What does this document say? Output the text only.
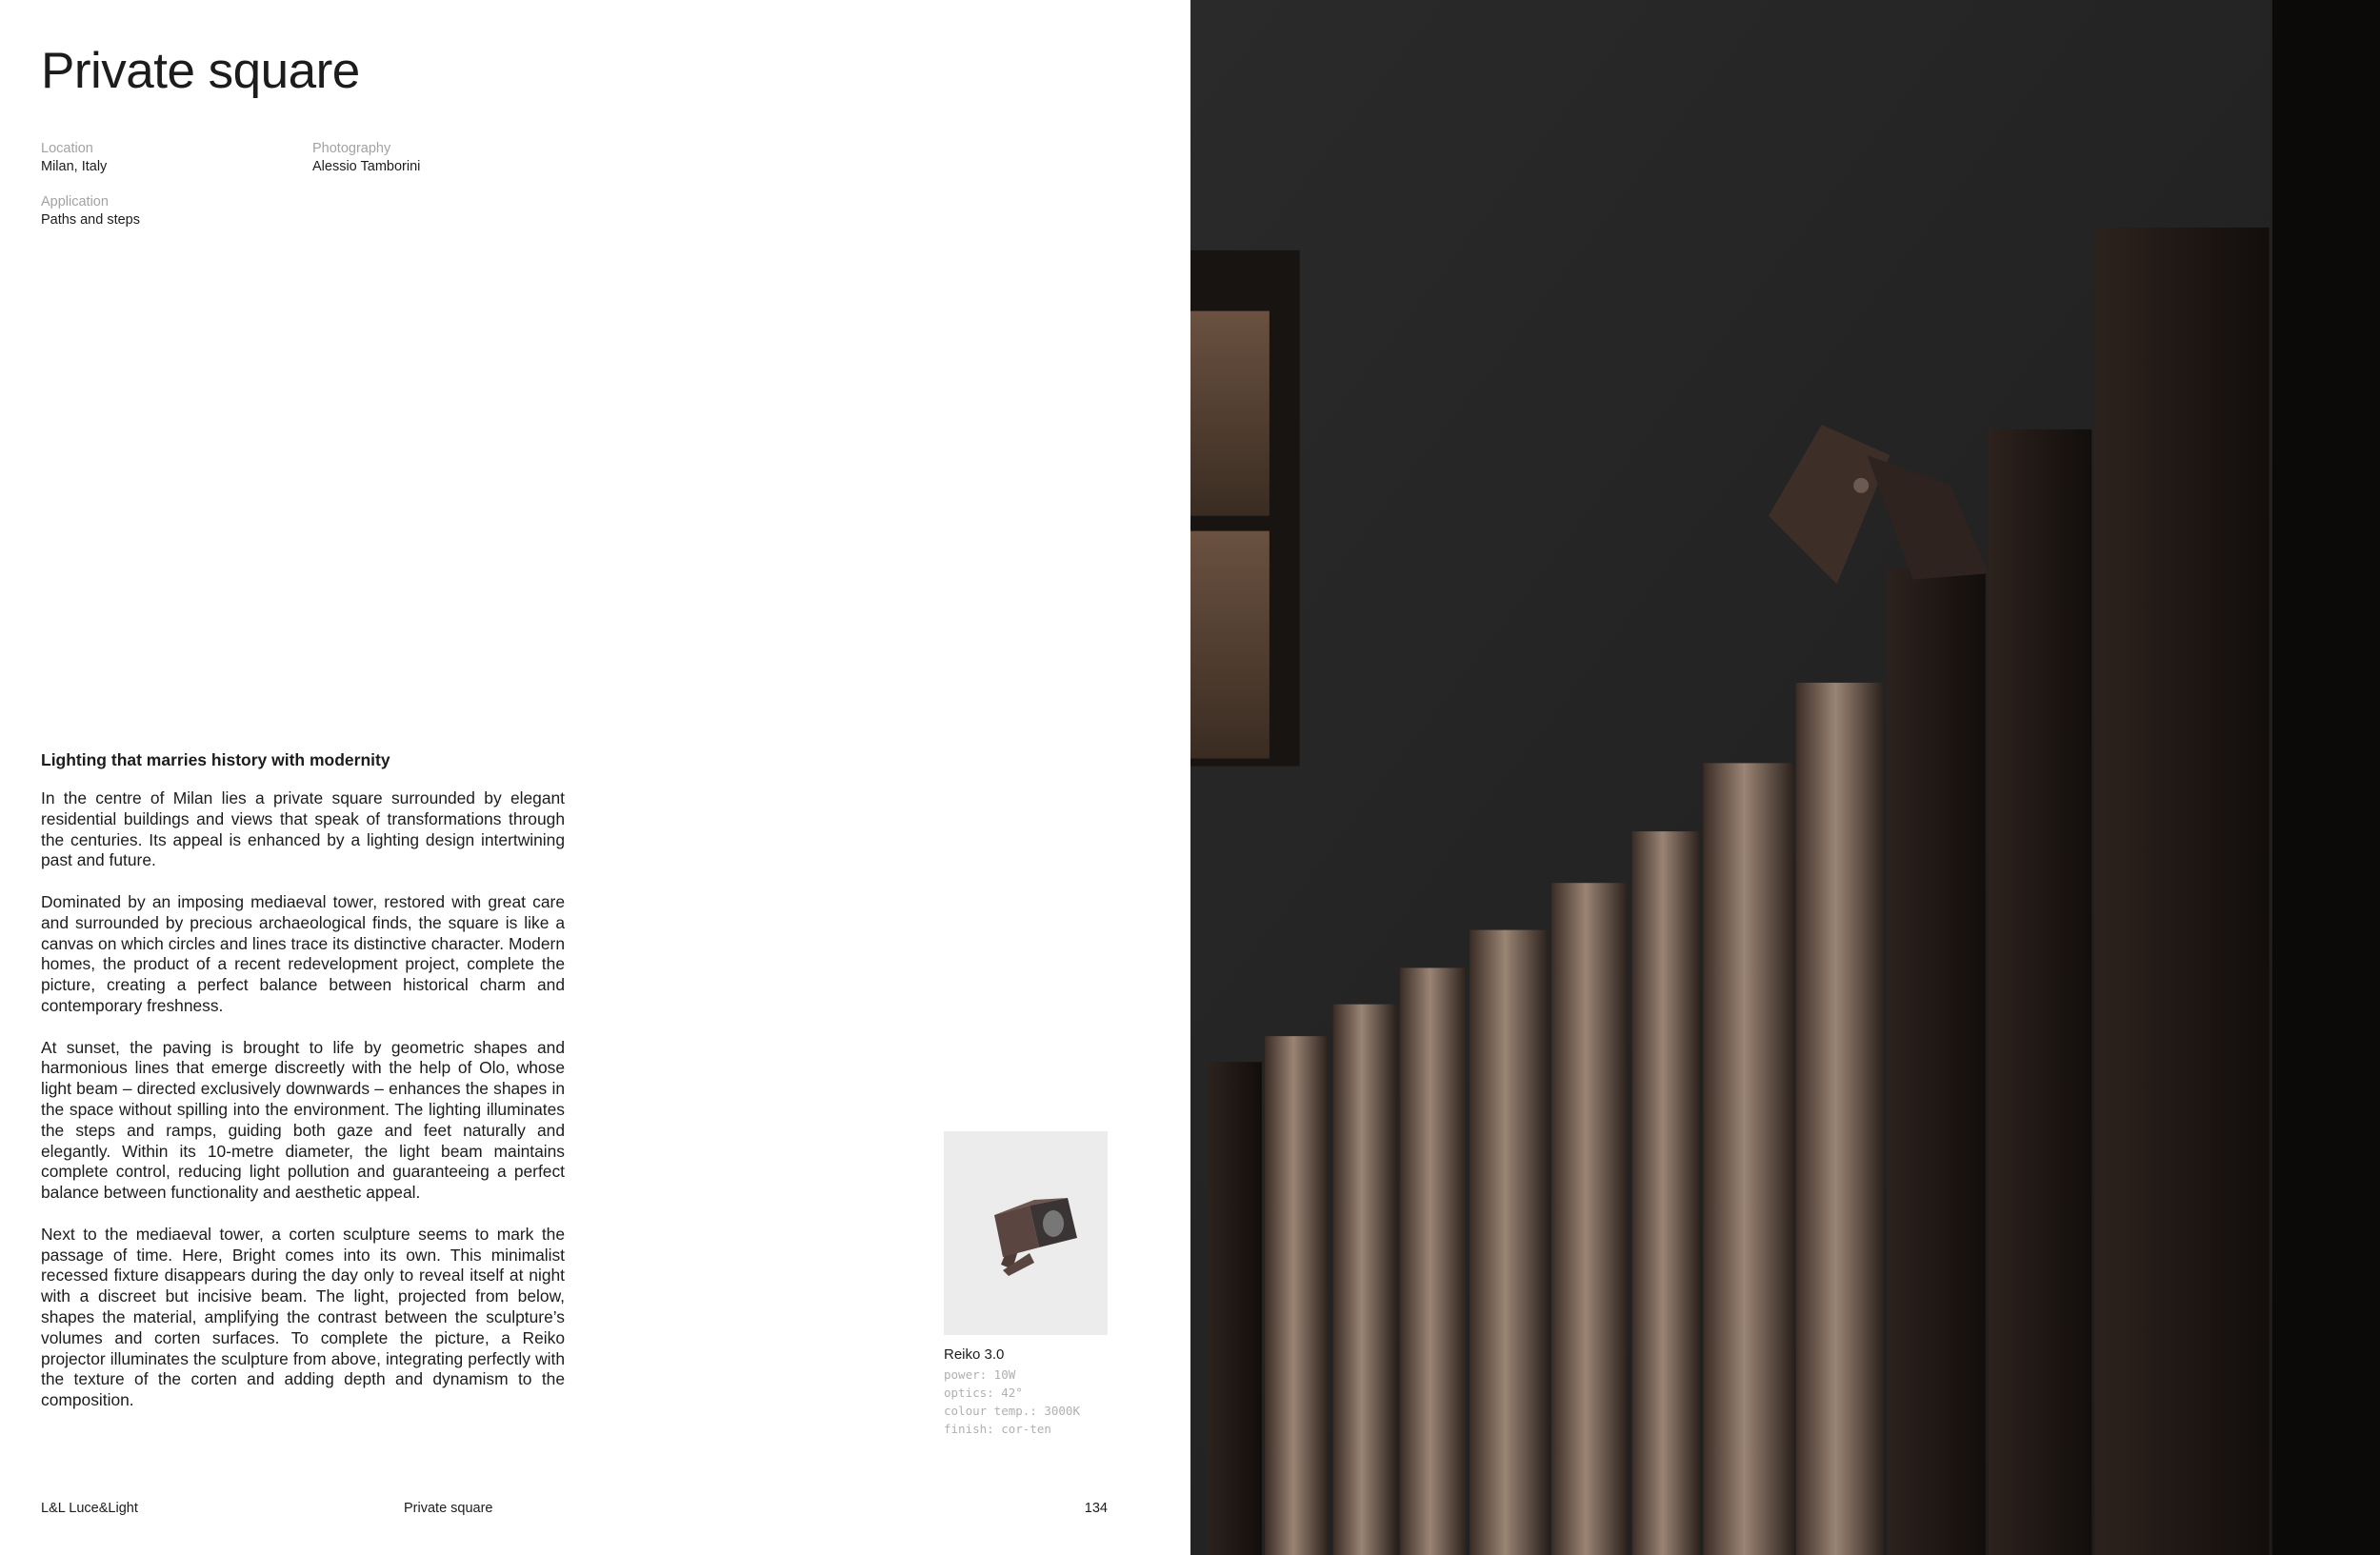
Private square
Location
Milan, Italy
Photography
Alessio Tamborini
Application
Paths and steps
Lighting that marries history with modernity

In the centre of Milan lies a private square surrounded by elegant residential buildings and views that speak of transformations through the centuries. Its appeal is enhanced by a lighting design intertwining past and future.

Dominated by an imposing mediaeval tower, restored with great care and surrounded by precious archaeological finds, the square is like a canvas on which circles and lines trace its distinctive character. Modern homes, the product of a recent redevelopment project, complete the picture, creating a perfect balance between historical charm and contemporary freshness.

At sunset, the paving is brought to life by geometric shapes and harmonious lines that emerge discreetly with the help of Olo, whose light beam – directed exclusively downwards – enhances the shapes in the space without spilling into the environment. The lighting illuminates the steps and ramps, guiding both gaze and feet naturally and elegantly. Within its 10-metre diameter, the light beam maintains complete control, reducing light pollution and guaranteeing a perfect balance between functionality and aesthetic appeal.

Next to the mediaeval tower, a corten sculpture seems to mark the passage of time. Here, Bright comes into its own. This minimalist recessed fixture disappears during the day only to reveal itself at night with a discreet but incisive beam. The light, projected from below, shapes the material, amplifying the contrast between the sculpture’s volumes and corten surfaces. To complete the picture, a Reiko projector illuminates the sculpture from above, integrating perfectly with the texture of the corten and adding depth and dynamism to the composition.

Reiko 3.0
power: 10W
optics: 42°
colour temp.: 3000K
finish: cor-ten
L&L Luce&Light	Private square	134
